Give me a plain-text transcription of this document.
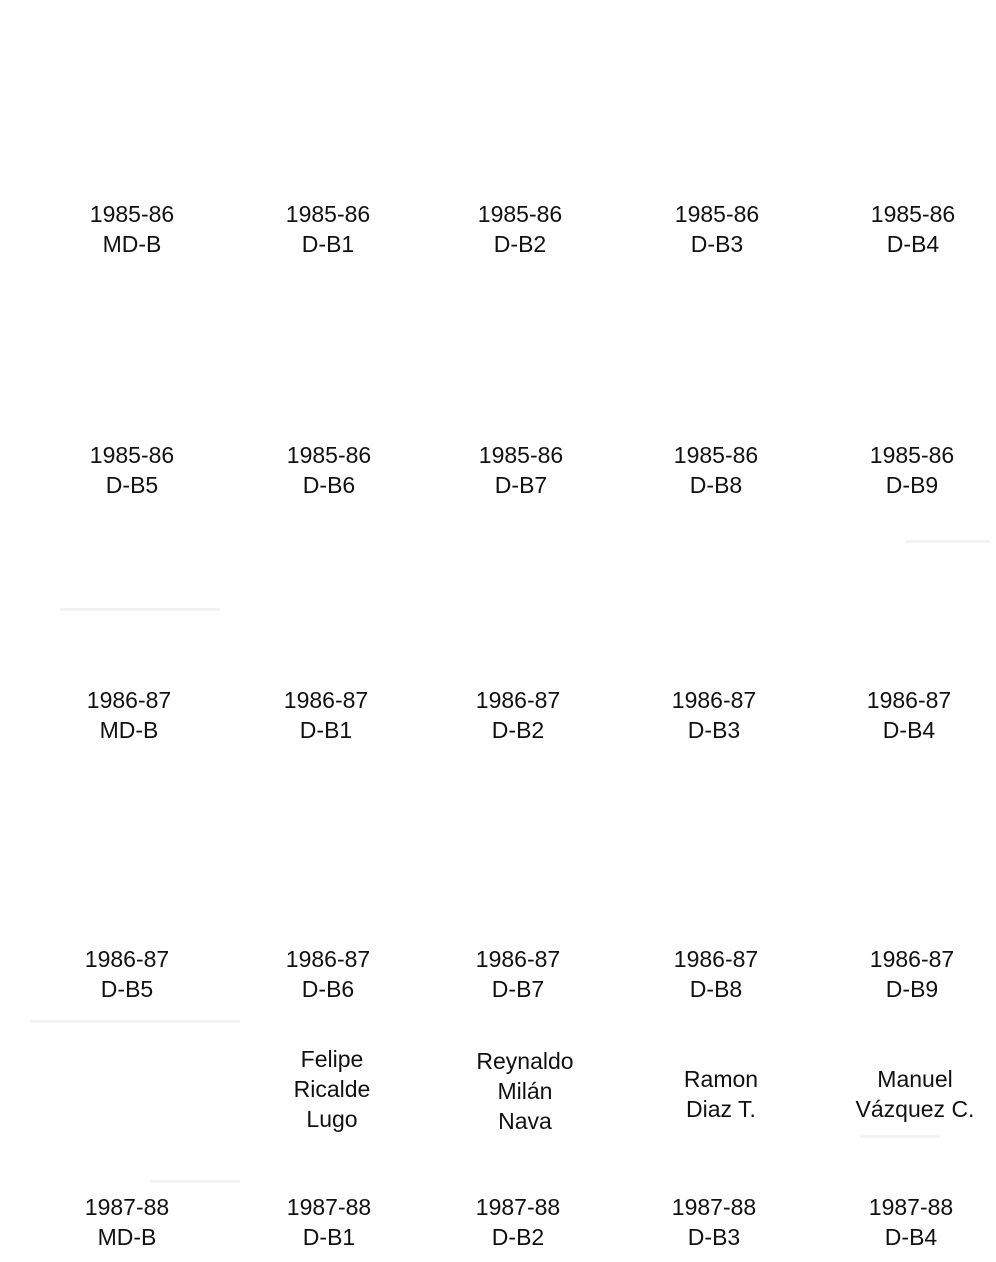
1985-86
MD-B
1985-86
D-B1
1985-86
D-B2
1985-86
D-B3
1985-86
D-B4
1985-86
D-B5
1985-86
D-B6
1985-86
D-B7
1985-86
D-B8
1985-86
D-B9
1986-87
MD-B
1986-87
D-B1
1986-87
D-B2
1986-87
D-B3
1986-87
D-B4
1986-87
D-B5
1986-87
D-B6
1986-87
D-B7
1986-87
D-B8
1986-87
D-B9
Felipe
Ricalde
Lugo
Reynaldo
Milán
Nava
Ramon
Diaz T.
Manuel
Vázquez C.
1987-88
MD-B
1987-88
D-B1
1987-88
D-B2
1987-88
D-B3
1987-88
D-B4
